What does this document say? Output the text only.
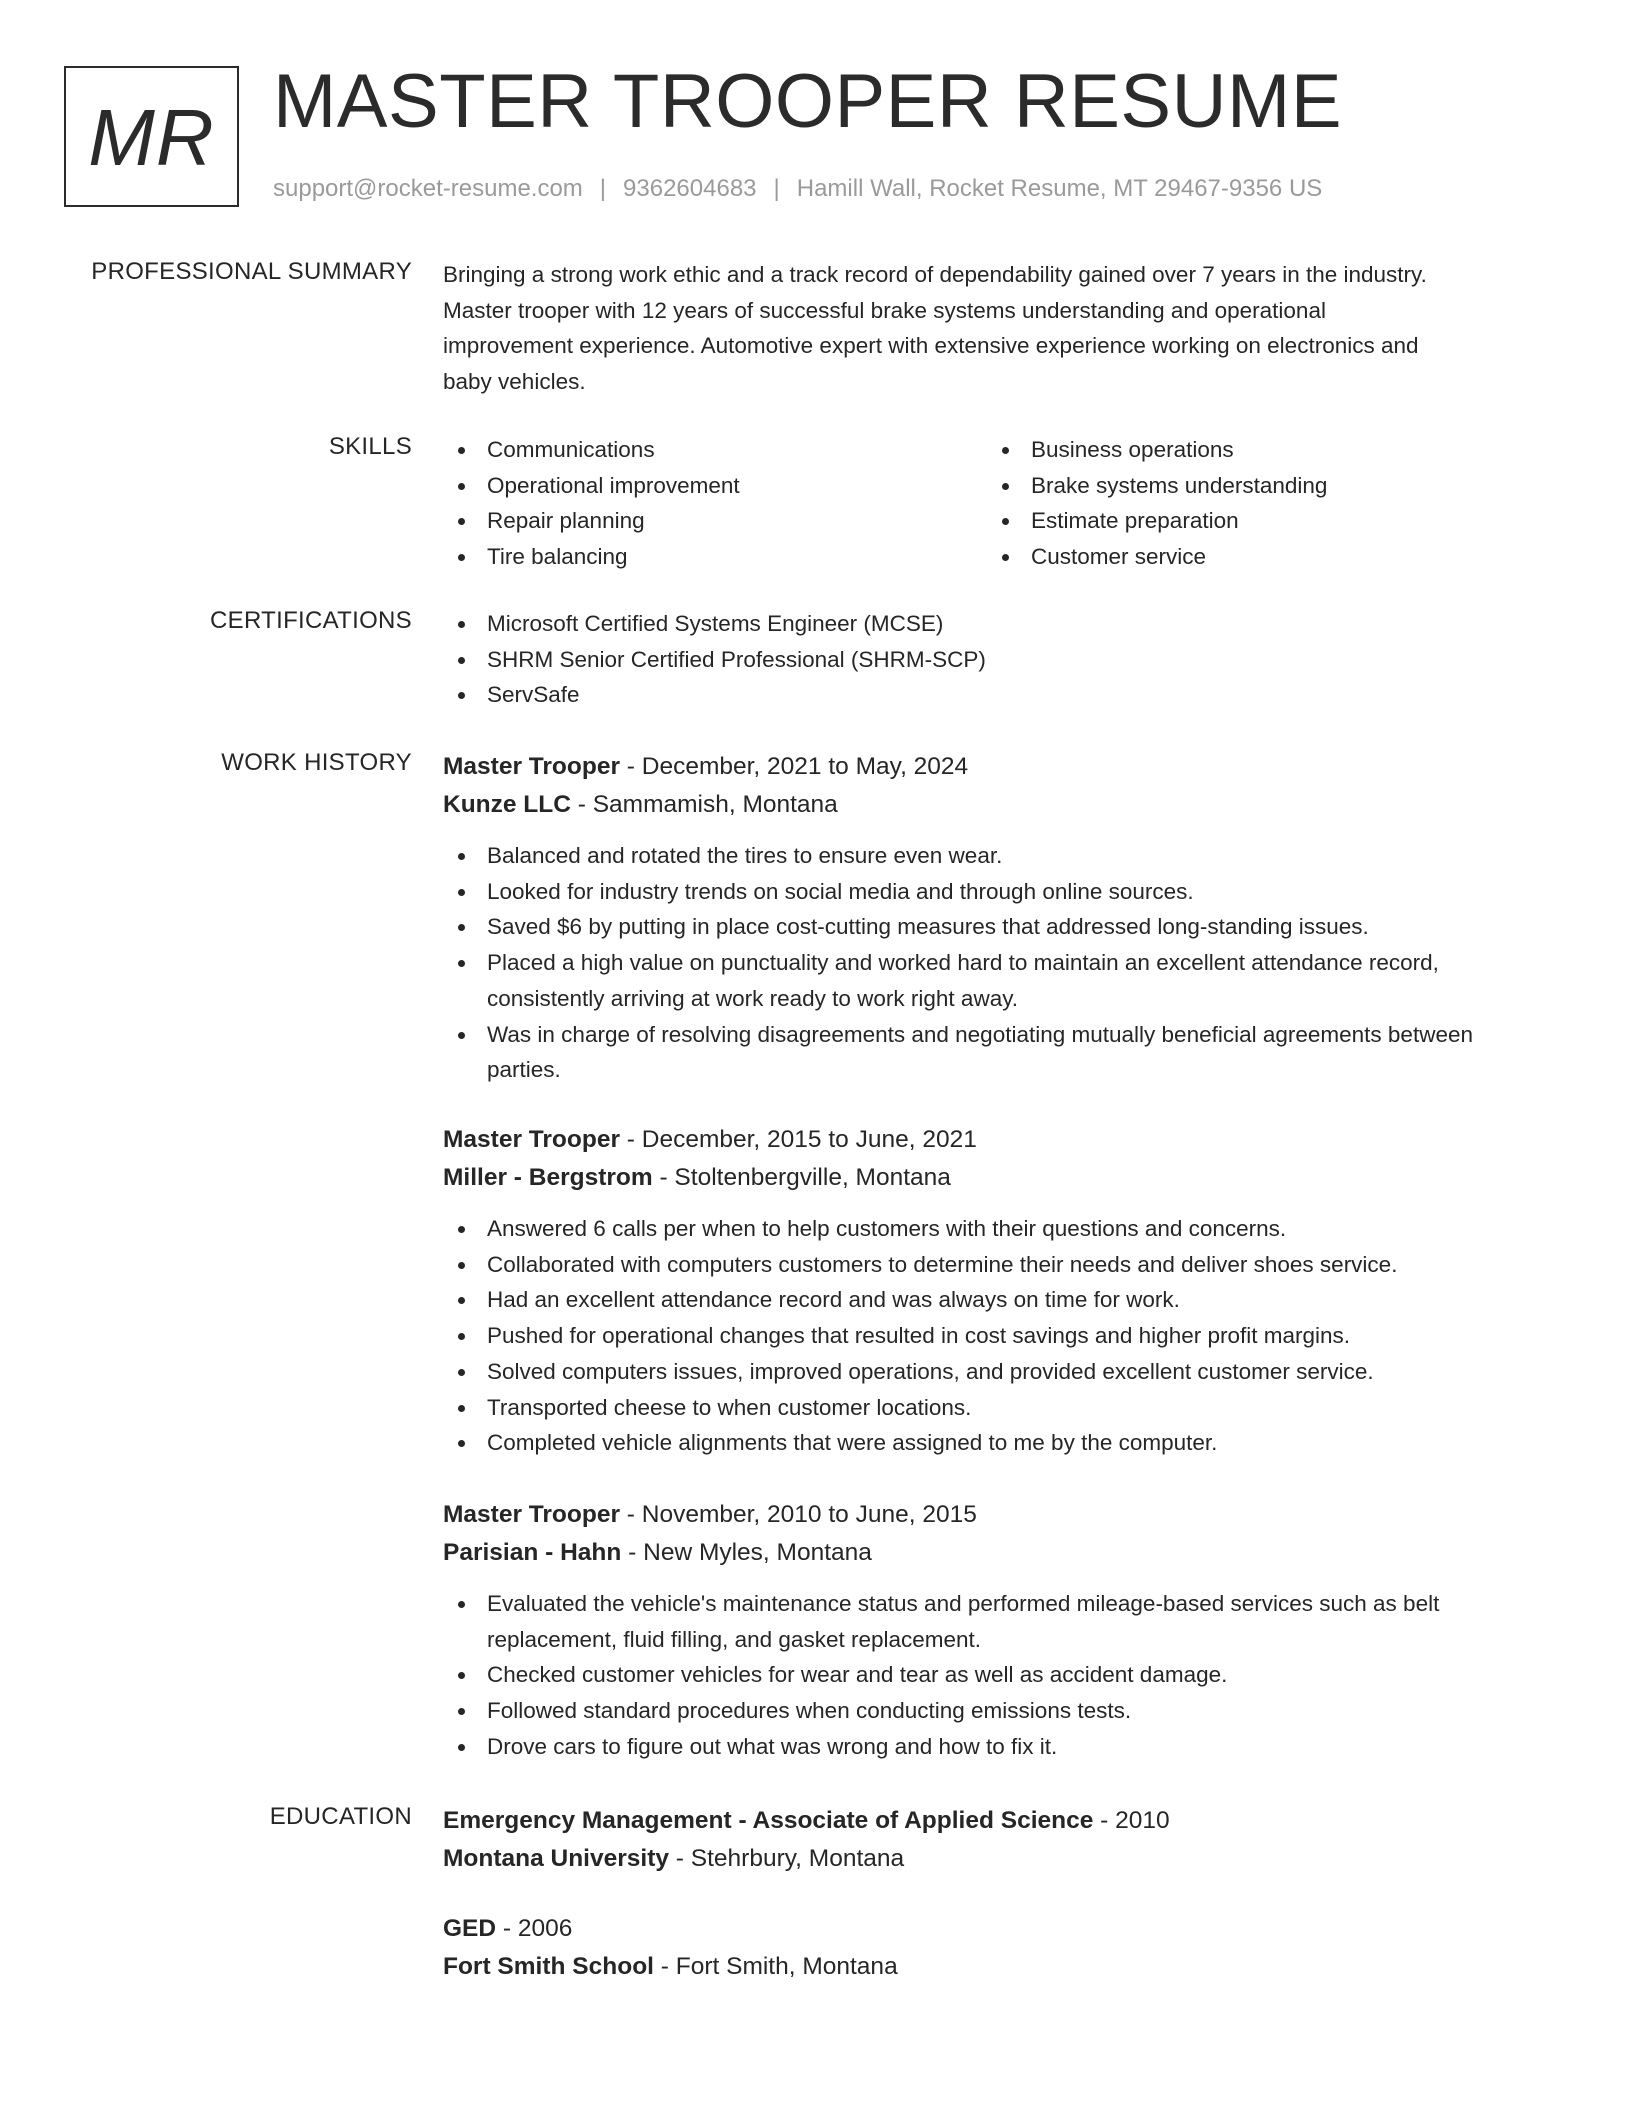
MR MASTER TROOPER RESUME
support@rocket-resume.com | 9362604683 | Hamill Wall, Rocket Resume, MT 29467-9356 US
PROFESSIONAL SUMMARY Bringing a strong work ethic and a track record of dependability gained over 7 years in the industry.

Master trooper with 12 years of successful brake systems understanding and operational

improvement experience. Automotive expert with extensive experience working on electronics and

baby vehicles.

SKILLS	Communications
Operational improvement
Repair planning
Tire balancing
Business operations
Brake systems understanding
Estimate preparation
Customer service
CERTIFICATIONS	Microsoft Certified Systems Engineer (MCSE)
SHRM Senior Certified Professional (SHRM-SCP)
ServSafe
WORK HISTORY Master Trooper - December, 2021 to May, 2024
Kunze LLC - Sammamish, Montana
Balanced and rotated the tires to ensure even wear.
Looked for industry trends on social media and through online sources.
Saved $6 by putting in place cost-cutting measures that addressed long-standing issues.
Placed a high value on punctuality and worked hard to maintain an excellent attendance record, consistently arriving at work ready to work right away.
Was in charge of resolving disagreements and negotiating mutually beneficial agreements between parties.
Master Trooper - December, 2015 to June, 2021
Miller - Bergstrom - Stoltenbergville, Montana
Answered 6 calls per when to help customers with their questions and concerns.
Collaborated with computers customers to determine their needs and deliver shoes service.
Had an excellent attendance record and was always on time for work.
Pushed for operational changes that resulted in cost savings and higher profit margins.
Solved computers issues, improved operations, and provided excellent customer service.
Transported cheese to when customer locations.
Completed vehicle alignments that were assigned to me by the computer.
Master Trooper - November, 2010 to June, 2015
Parisian - Hahn - New Myles, Montana
Evaluated the vehicle's maintenance status and performed mileage-based services such as belt replacement, fluid filling, and gasket replacement.
Checked customer vehicles for wear and tear as well as accident damage.
Followed standard procedures when conducting emissions tests.
Drove cars to figure out what was wrong and how to fix it.
EDUCATION Emergency Management - Associate of Applied Science - 2010
Montana University - Stehrbury, Montana
GED - 2006
Fort Smith School - Fort Smith, Montana
